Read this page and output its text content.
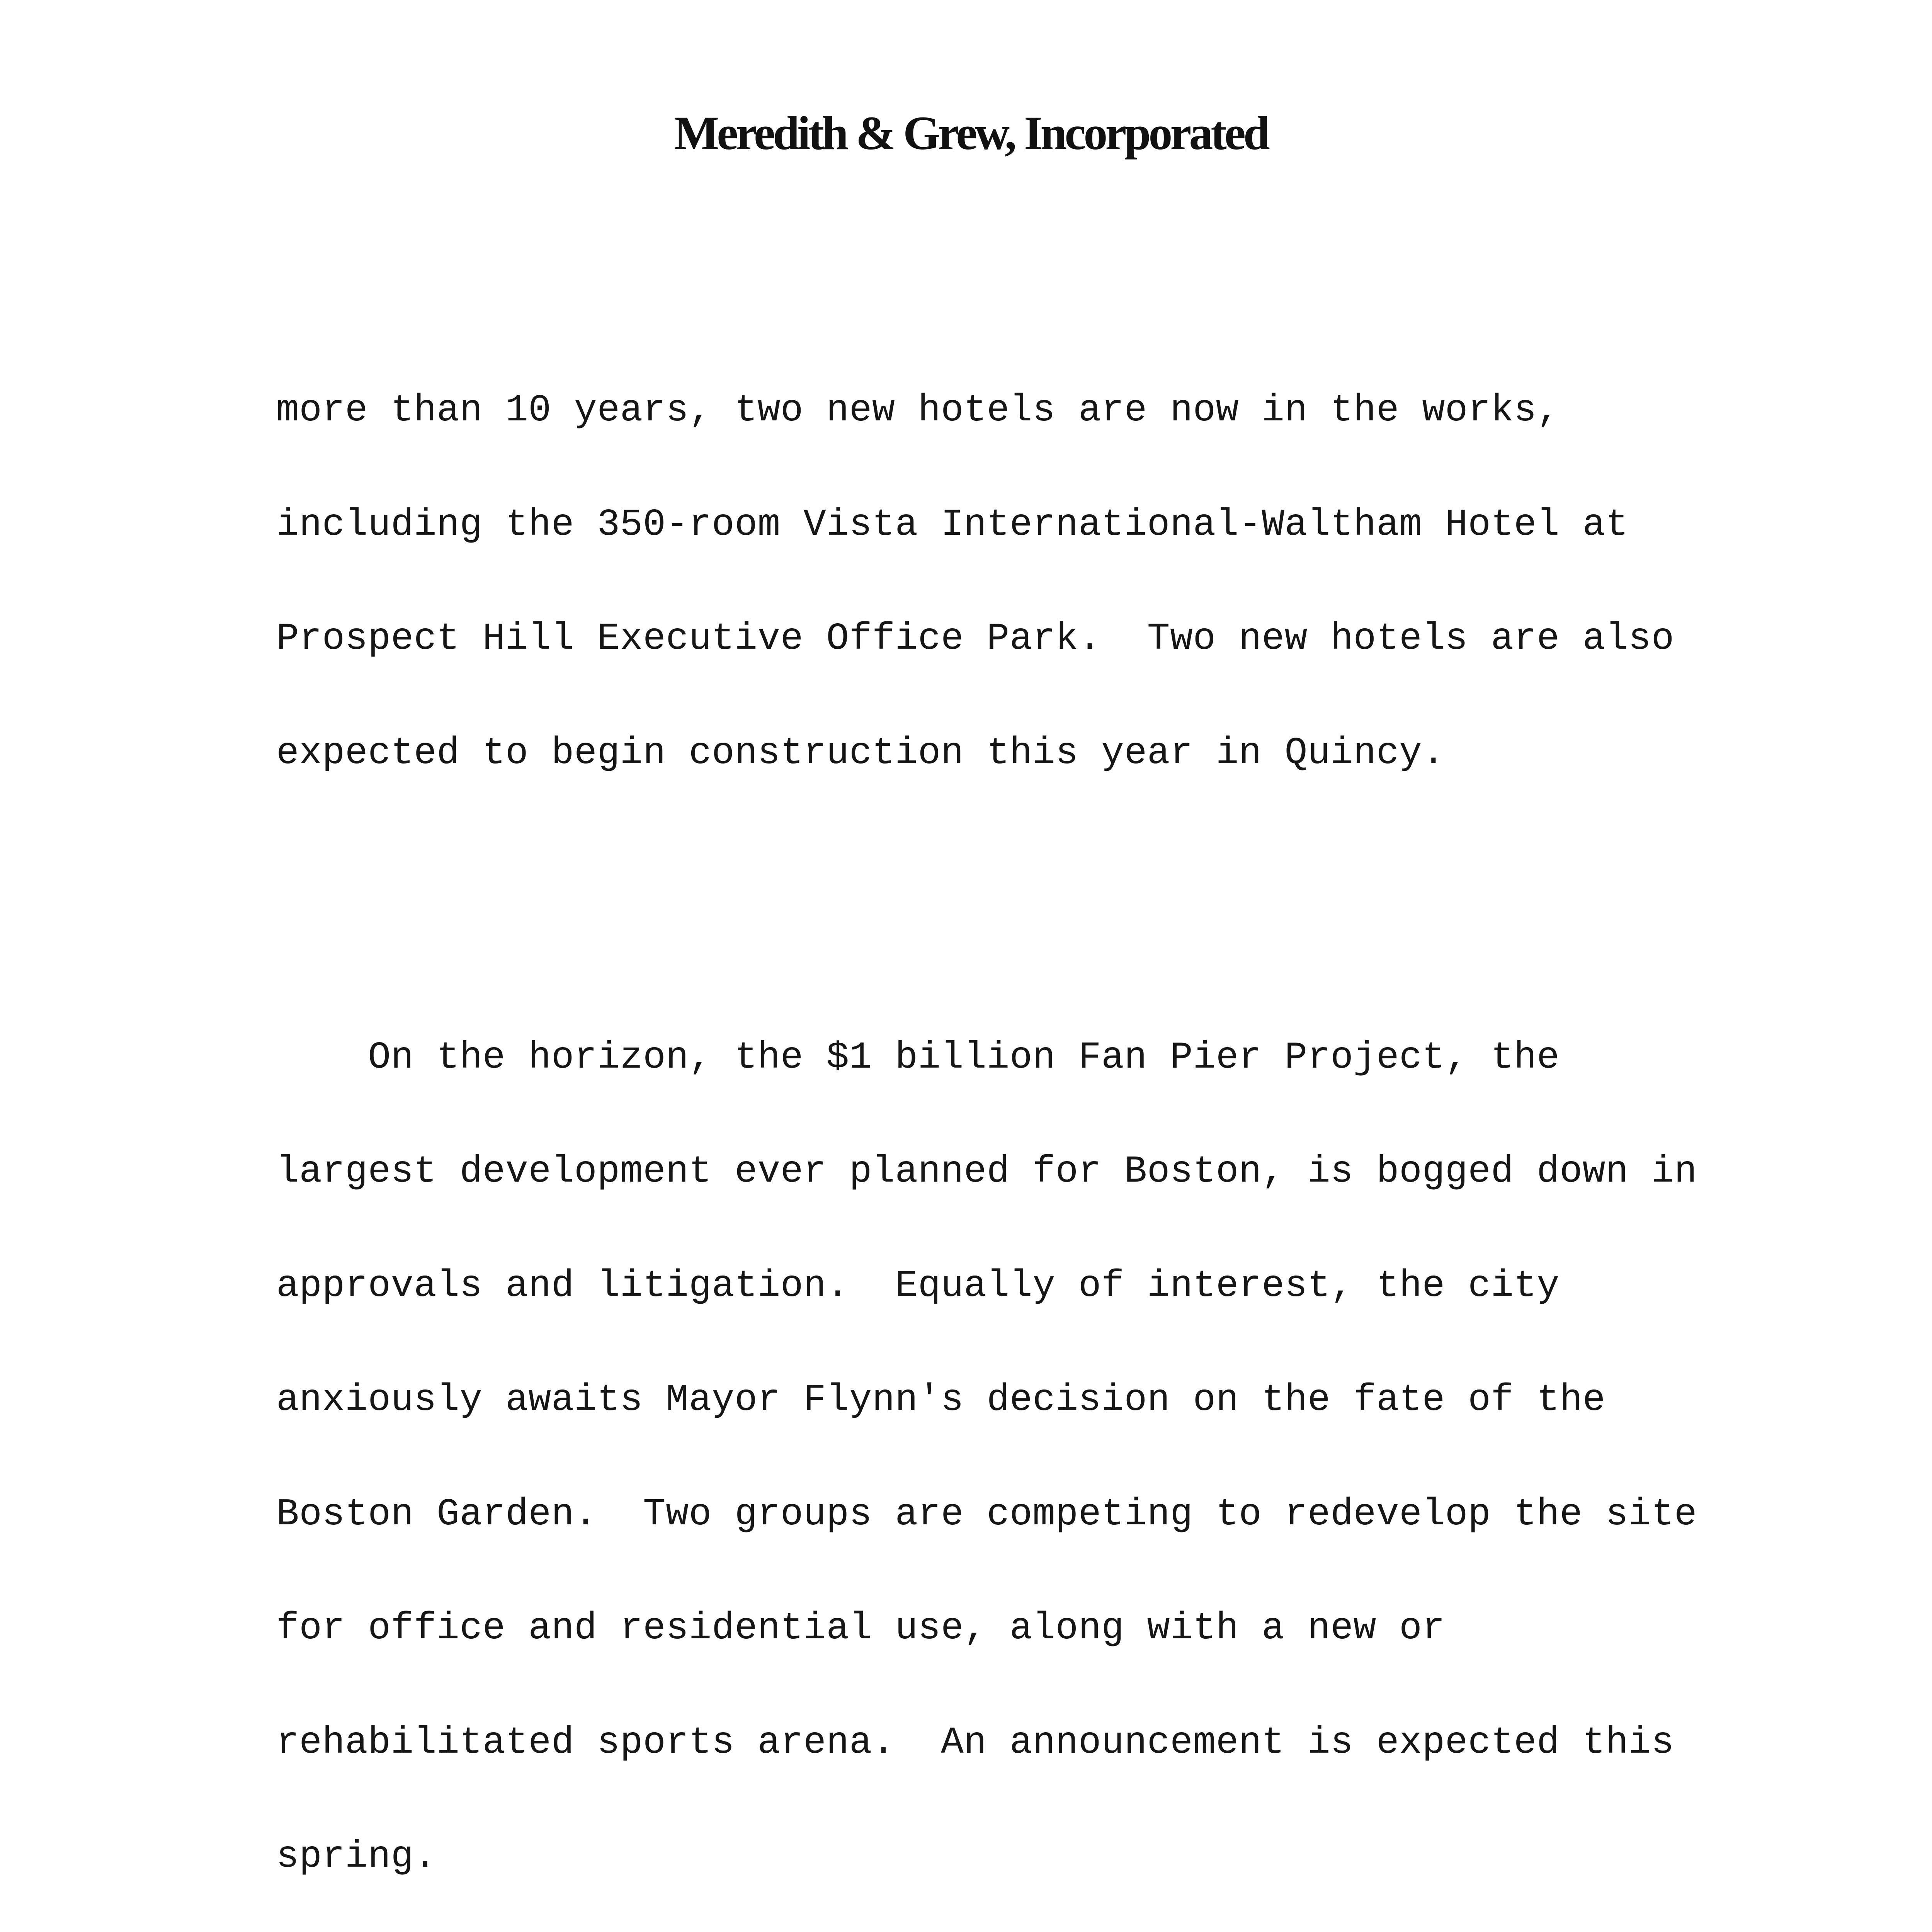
Meredith & Grew, Incorporated

more than 10 years, two new hotels are now in the works,

including the 350-room Vista International-Waltham Hotel at

Prospect Hill Executive Office Park.  Two new hotels are also

expected to begin construction this year in Quincy.

On the horizon, the $1 billion Fan Pier Project, the

largest development ever planned for Boston, is bogged down in

approvals and litigation.  Equally of interest, the city

anxiously awaits Mayor Flynn's decision on the fate of the

Boston Garden.  Two groups are competing to redevelop the site

for office and residential use, along with a new or

rehabilitated sports arena.  An announcement is expected this

spring.
